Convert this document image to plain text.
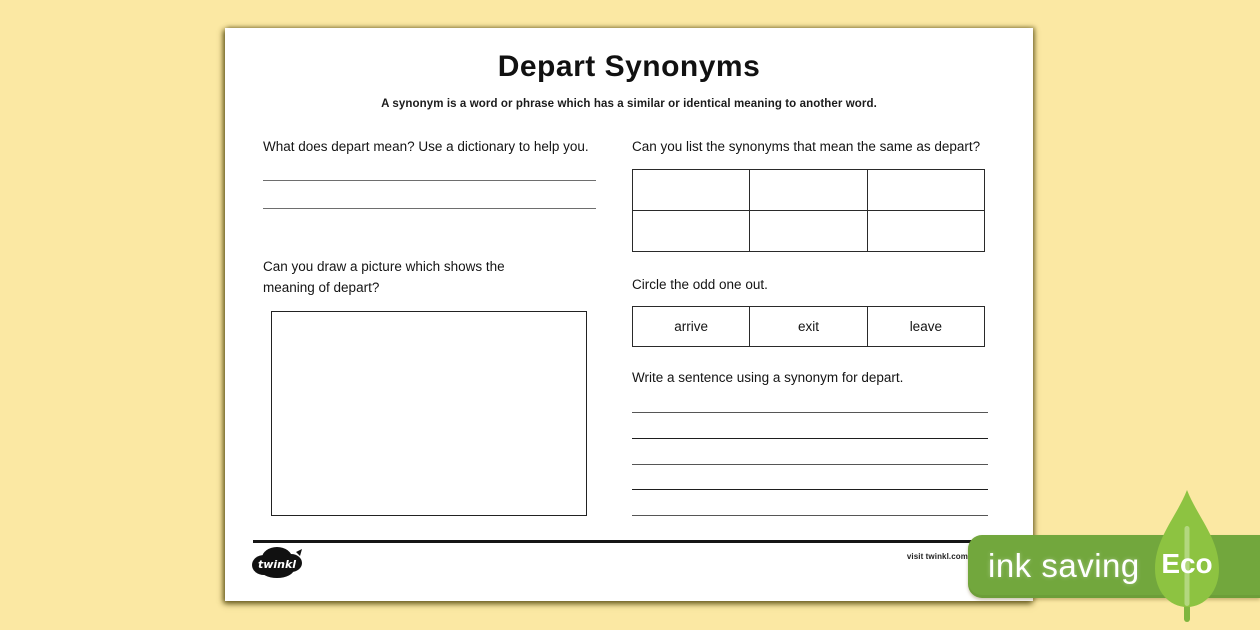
Depart Synonyms
A synonym is a word or phrase which has a similar or identical meaning to another word.
What does depart mean? Use a dictionary to help you.
Can you draw a picture which shows the meaning of depart?
Can you list the synonyms that mean the same as depart?

Circle the odd one out.
arrive	exit	leave
Write a sentence using a synonym for depart.
twinkl
visit twinkl.com ink saving Eco
